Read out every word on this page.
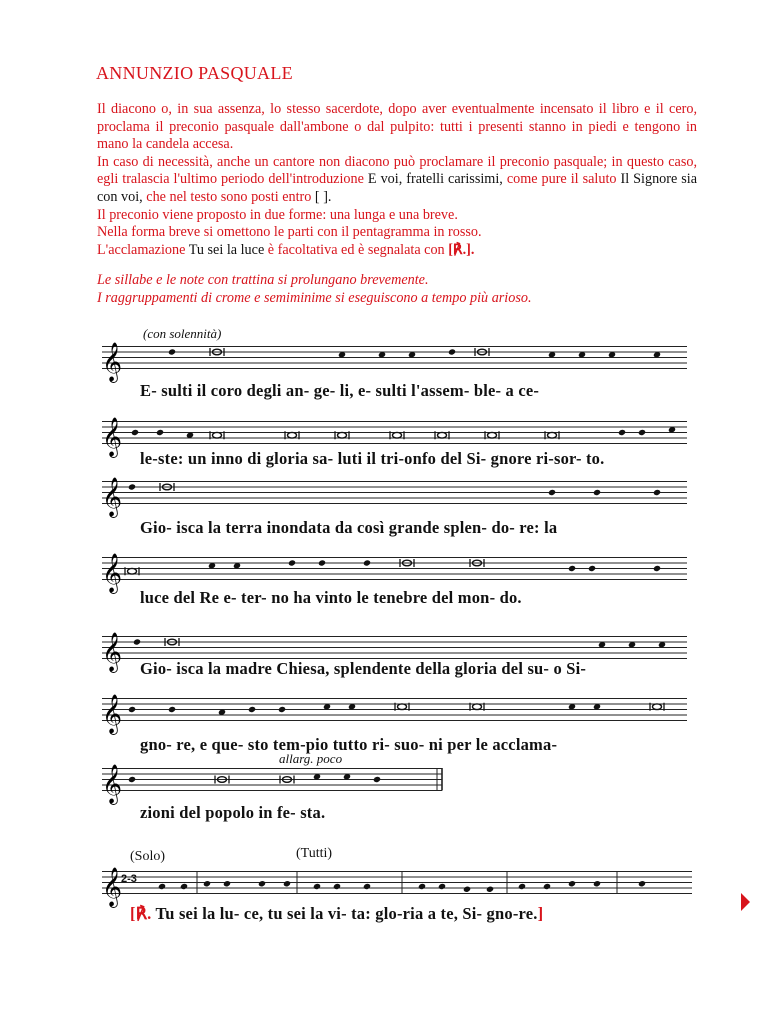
ANNUNZIO PASQUALE

Il diacono o, in sua assenza, lo stesso sacerdote, dopo aver eventualmente incensato il libro e il cero, proclama il preconio pasquale dall'ambone o dal pulpito: tutti i presenti stanno in piedi e tengono in mano la candela accesa.

In caso di necessità, anche un cantore non diacono può proclamare il preconio pasquale; in questo caso, egli tralascia l'ultimo periodo dell'introduzione E voi, fratelli carissimi, come pure il saluto Il Signore sia con voi, che nel testo sono posti entro [ ].

Il preconio viene proposto in due forme: una lunga e una breve.

Nella forma breve si omettono le parti con il pentagramma in rosso.

L'acclamazione Tu sei la luce è facoltativa ed è segnalata con [℟.].

Le sillabe e le note con trattina si prolungano brevemente.

I raggruppamenti di crome e semiminime si eseguiscono a tempo più arioso.

𝄞
E- sulti il coro degli an- ge- li, e- sulti l'assem- ble- a ce-
𝄞
le-ste: un inno di gloria sa- luti il tri-onfo del Si- gnore ri-sor- to.
𝄞
Gio- isca la terra inondata da così grande splen- do- re: la
𝄞
luce del Re e- ter- no ha vinto le tenebre del mon- do.
𝄞 Gio- isca la madre Chiesa, splendente della gloria del su- o Si-
𝄞
gno- re, e que- sto tem-pio tutto ri- suo- ni per le acclama-
𝄞
zioni del popolo in fe- sta.
𝄞
2-3
[℟. Tu sei la lu- ce, tu sei la vi- ta: glo-ria a te, Si- gno-re.]
(con solennità)
allarg. poco
(Solo)	(Tutti)
